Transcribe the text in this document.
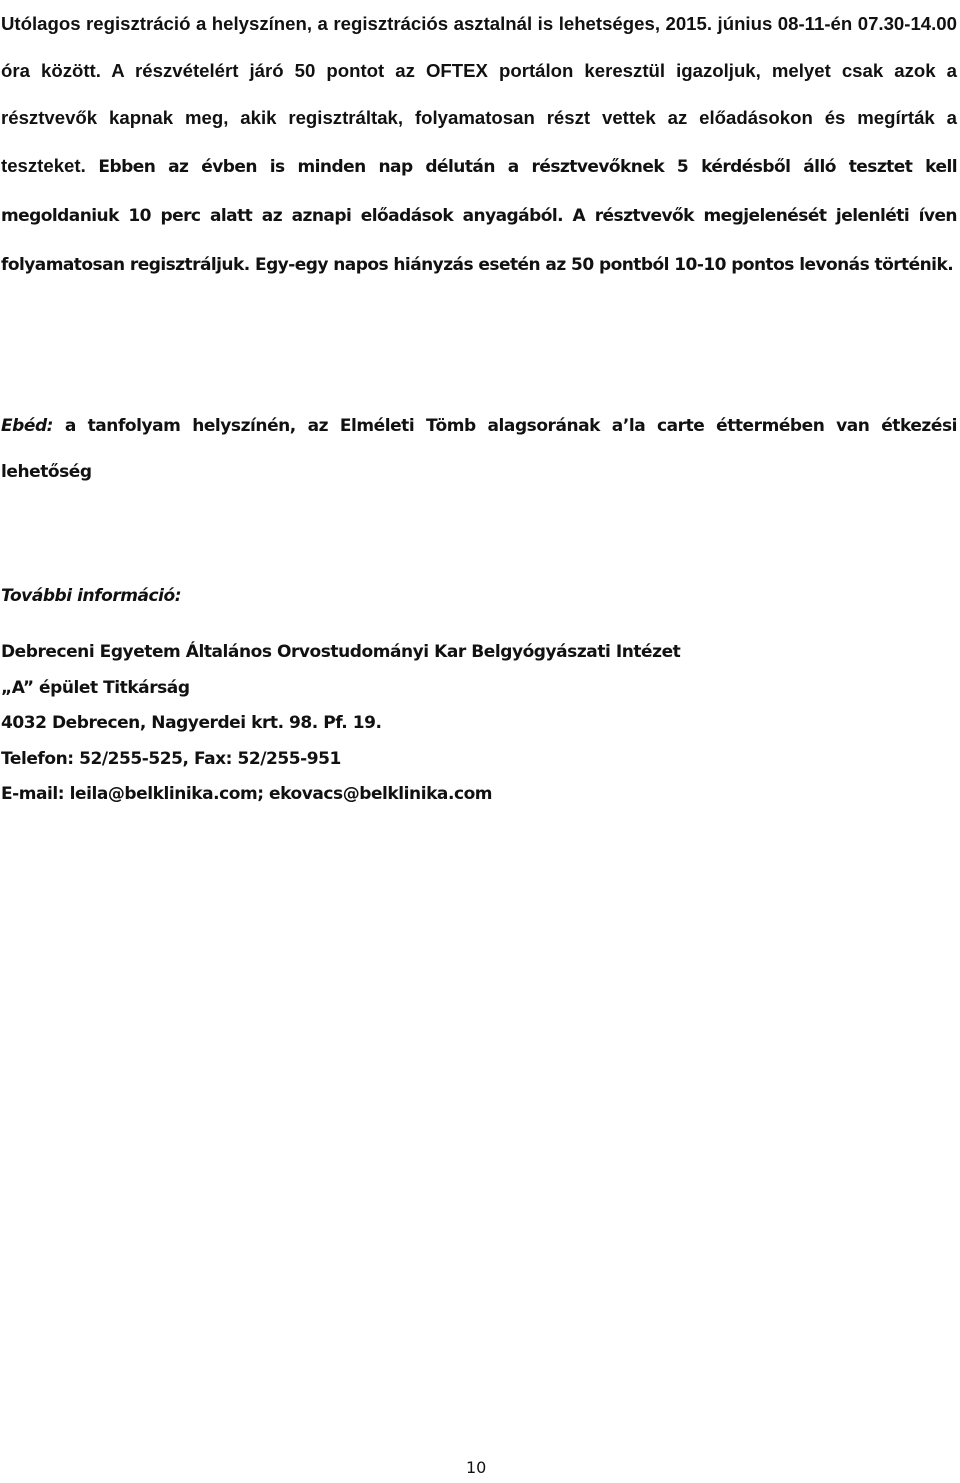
Utólagos regisztráció a helyszínen, a regisztrációs asztalnál is lehetséges, 2015. június 08-11-én 07.30-14.00 óra között. A részvételért járó 50 pontot az OFTEX portálon keresztül igazoljuk, melyet csak azok a résztvevők kapnak meg, akik regisztráltak, folyamatosan részt vettek az előadásokon és megírták a teszteket. Ebben az évben is minden nap délután a résztvevőknek 5 kérdésből álló tesztet kell megoldaniuk 10 perc alatt az aznapi előadások anyagából. A résztvevők megjelenését jelenléti íven folyamatosan regisztráljuk. Egy-egy napos hiányzás esetén az 50 pontból 10-10 pontos levonás történik.

Ebéd: a tanfolyam helyszínén, az Elméleti Tömb alagsorának a’la carte éttermében van étkezési lehetőség

További információ:

Debreceni Egyetem Általános Orvostudományi Kar Belgyógyászati Intézet
„A” épület Titkárság
4032 Debrecen, Nagyerdei krt. 98. Pf. 19.
Telefon: 52/255-525, Fax: 52/255-951
E-mail: leila@belklinika.com; ekovacs@belklinika.com
10
